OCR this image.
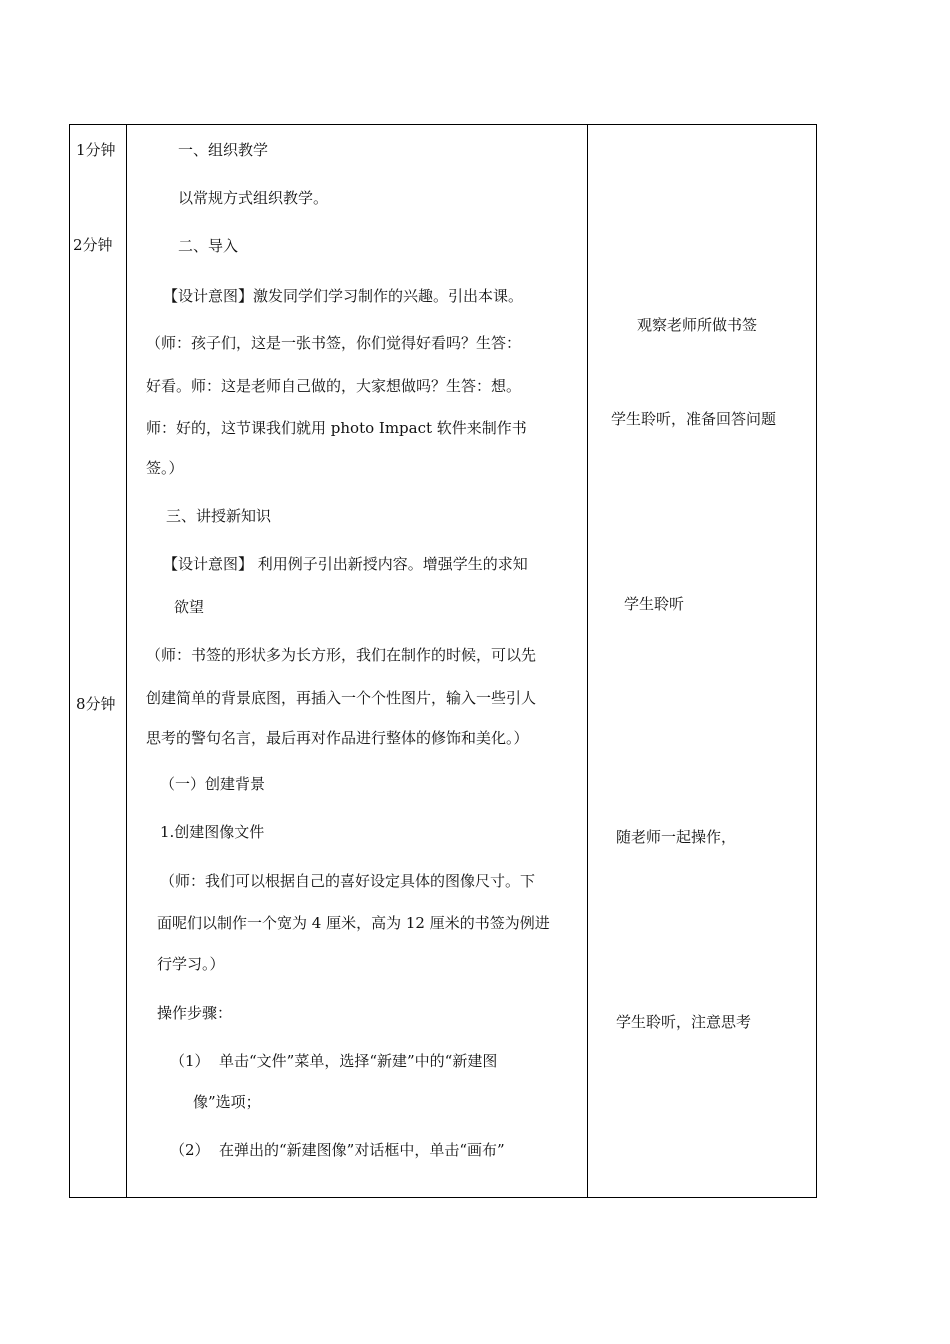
1分钟
2分钟
8分钟
一、组织教学
以常规方式组织教学。
二、导入
【设计意图】激发同学们学习制作的兴趣。引出本课。
（师：孩子们，这是一张书签，你们觉得好看吗？生答：
好看。师：这是老师自己做的，大家想做吗？生答：想。
师：好的，这节课我们就用 photo Impact 软件来制作书
签。）
三、讲授新知识
【设计意图】 利用例子引出新授内容。增强学生的求知
欲望
（师：书签的形状多为长方形，我们在制作的时候，可以先
创建简单的背景底图，再插入一个个性图片，输入一些引人
思考的警句名言，最后再对作品进行整体的修饰和美化。）
（一）创建背景
1.创建图像文件
（师：我们可以根据自己的喜好设定具体的图像尺寸。下
面呢们以制作一个宽为 4 厘米，高为 12 厘米的书签为例进
行学习。）
操作步骤：
（1） 单击“文件”菜单，选择“新建”中的“新建图
像”选项；
（2） 在弹出的“新建图像”对话框中，单击“画布”
观察老师所做书签
学生聆听，准备回答问题
学生聆听
随老师一起操作，
学生聆听，注意思考
